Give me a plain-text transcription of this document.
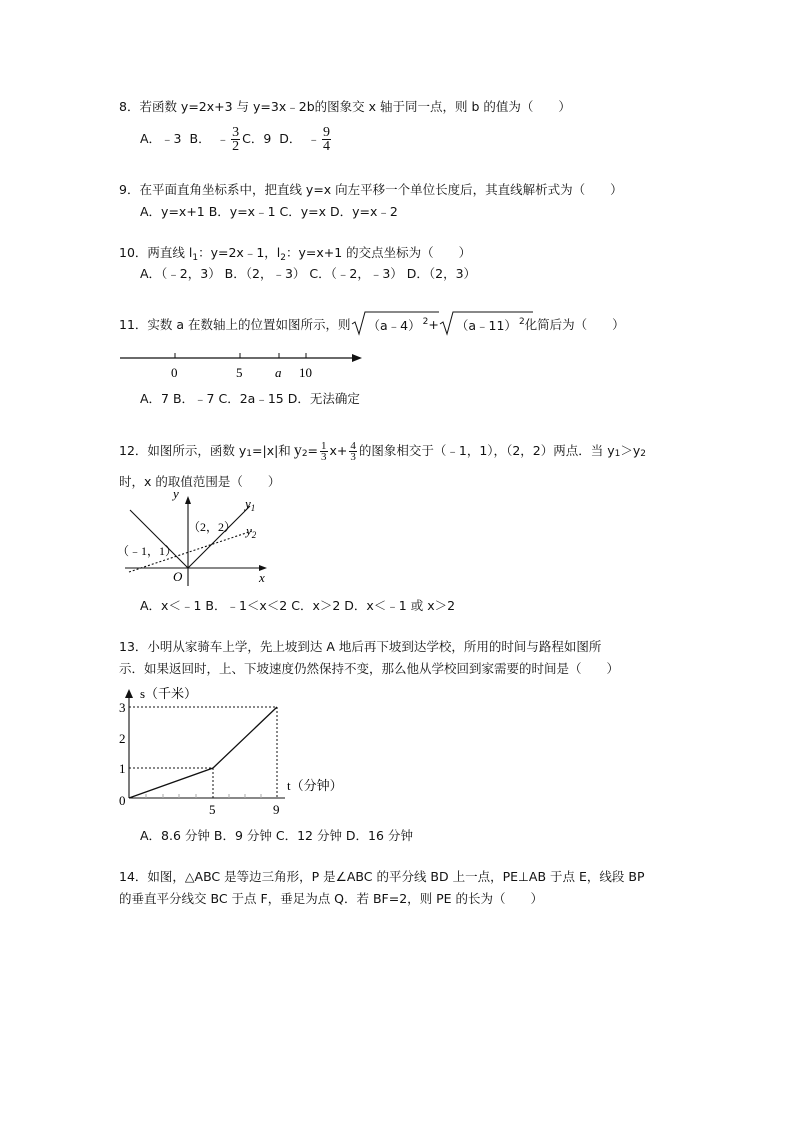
8．若函数 y=2x+3 与 y=3x﹣2b的图象交 x 轴于同一点，则 b 的值为（　　）
A．﹣3 B． ﹣ $\frac{3}{2}$ C．9 D． ﹣ $\frac{9}{4}$
9．在平面直角坐标系中，把直线 y=x 向左平移一个单位长度后，其直线解析式为（　　）
A．y=x+1 B．y=x﹣1 C．y=x D．y=x﹣2
10．两直线 $l_1$：y=2x﹣1，$l_2$：y=x+1 的交点坐标为（　　）
A．（﹣2，3） B．（2，﹣3） C．（﹣2，﹣3） D．（2，3）
11．实数 a 在数轴上的位置如图所示，则	（a﹣4） $^2$ +	（a﹣11） $^2$ 化简后为（　　）
0	5	a 10
A．7 B．﹣7 C．2a﹣15 D．无法确定
12．如图所示，函数 y 1 =|x|和 y $2 = \frac{1}{3} x+ \frac{4}{3}$ 的图象相交于（﹣1，1），（2，2）两点．当 y 1 ＞y 2
时，x 的取值范围是（　　）
y
x
O
（﹣1，1）
（2，2）
$y_1$
$y_2$
A．x＜﹣1 B．﹣1＜x＜2 C．x＞2 D．x＜﹣1 或 x＞2
13．小明从家骑车上学，先上坡到达 A 地后再下坡到达学校，所用的时间与路程如图所
示．如果返回时，上、下坡速度仍然保持不变，那么他从学校回到家需要的时间是（　　）
s（千米）
t（分钟）
3
2
1
0
5	9
A．8.6 分钟 B．9 分钟 C．12 分钟 D．16 分钟
14．如图，△ABC 是等边三角形，P 是∠ABC 的平分线 BD 上一点，PE⊥AB 于点 E，线段 BP
的垂直平分线交 BC 于点 F，垂足为点 Q．若 BF=2，则 PE 的长为（　　）
